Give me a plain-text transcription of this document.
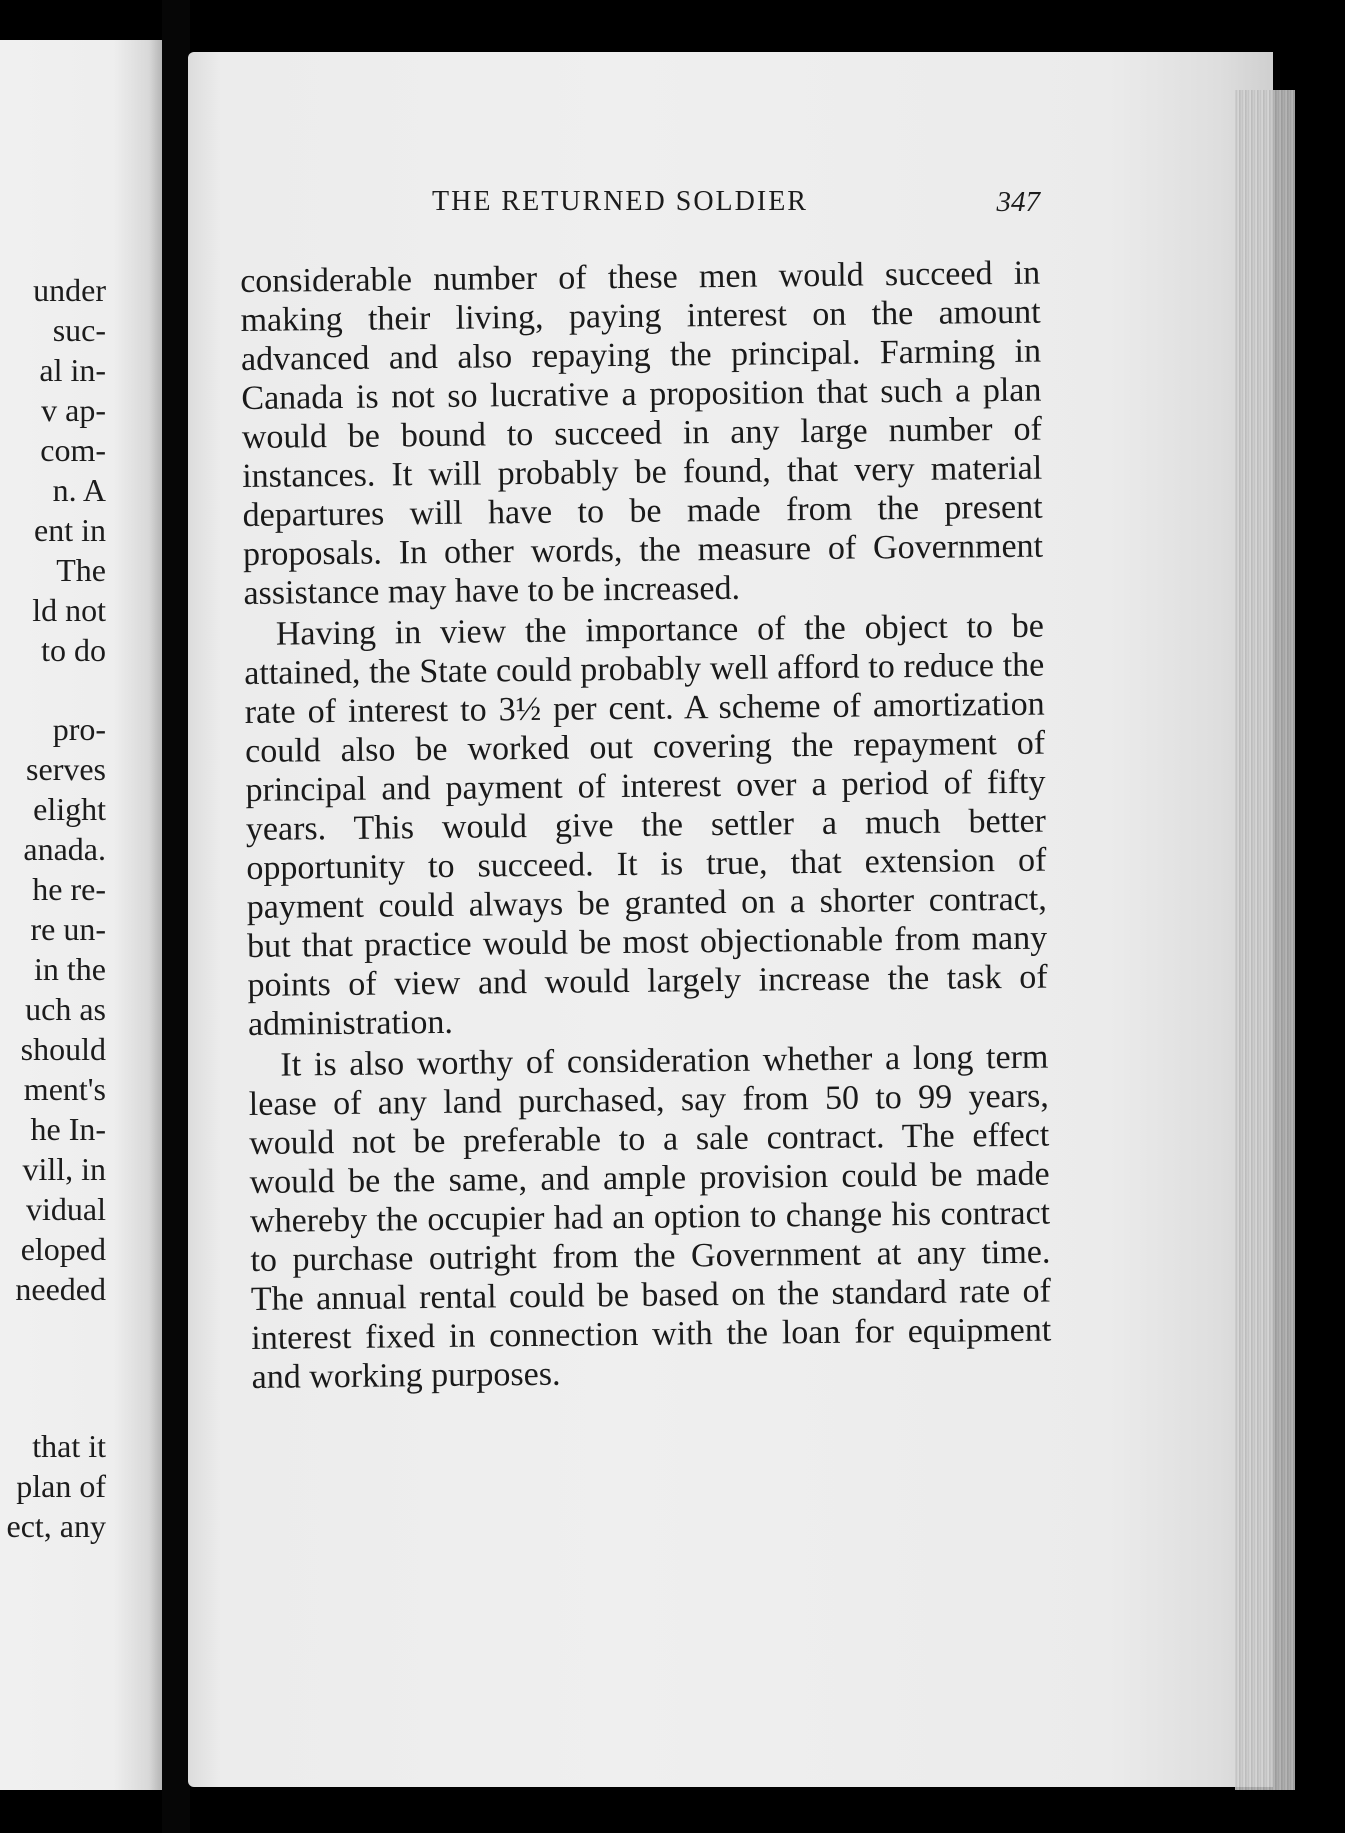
under
suc-
al in-
v ap-
com-
n. A
ent in
The
ld not
to do
pro-
serves
elight
anada.
he re-
re un-
in the
uch as
should
ment's
he In-
vill, in
vidual
eloped
needed
that it
plan of
ect, any
THE RETURNED SOLDIER	347

considerable number of these men would succeed in making their living, paying interest on the amount advanced and also repaying the principal. Farming in Canada is not so lucrative a proposition that such a plan would be bound to succeed in any large number of instances. It will probably be found, that very material departures will have to be made from the present proposals. In other words, the measure of Government assistance may have to be increased.

Having in view the importance of the object to be attained, the State could probably well afford to reduce the rate of interest to 3½ per cent. A scheme of amortization could also be worked out covering the repayment of principal and payment of interest over a period of fifty years. This would give the settler a much better opportunity to succeed. It is true, that extension of payment could always be granted on a shorter contract, but that practice would be most objectionable from many points of view and would largely increase the task of administration.

It is also worthy of consideration whether a long term lease of any land purchased, say from 50 to 99 years, would not be preferable to a sale contract. The effect would be the same, and ample provision could be made whereby the occupier had an option to change his contract to purchase outright from the Government at any time. The annual rental could be based on the standard rate of interest fixed in connection with the loan for equipment and working purposes.
